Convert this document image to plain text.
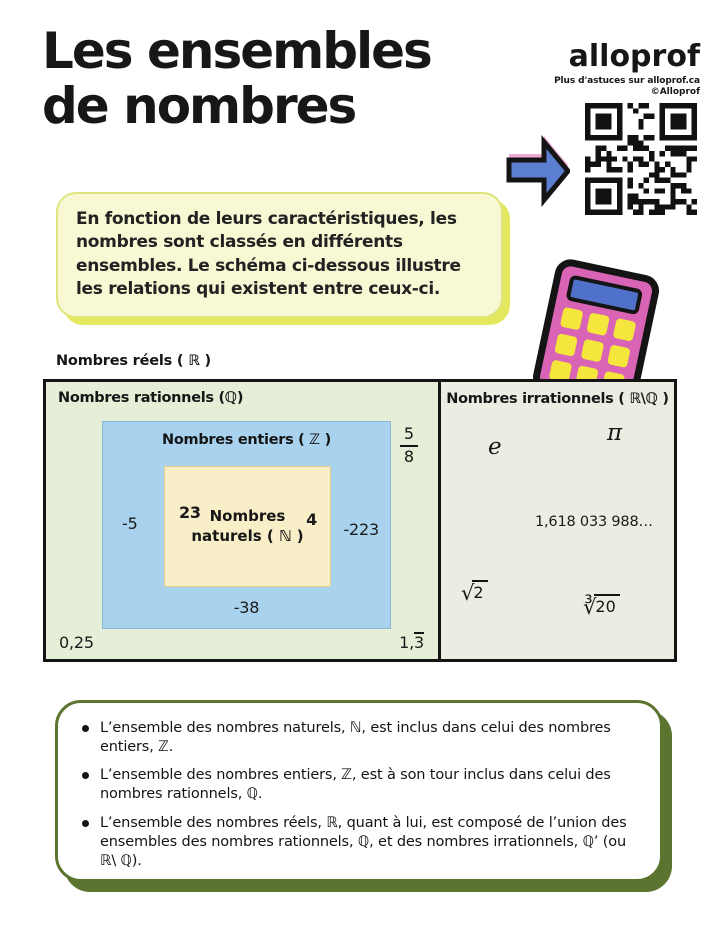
Les ensembles
de nombres
alloprof
Plus d'astuces sur alloprof.ca
©Alloprof
En fonction de leurs caractéristiques, les nombres sont classés en différents ensembles. Le schéma ci-dessous illustre les relations qui existent entre ceux-ci.
Nombres réels ( ℝ )
Nombres rationnels (ℚ)
0,25
$\frac{5}{8}$
1,3
Nombres entiers ( ℤ )
-5	-223
-38
Nombres
naturels ( ℕ )
23	4
Nombres irrationnels ( ℝ\ℚ )
e
π
1,618 033 988…
√2
∛20
L’ensemble des nombres naturels, ℕ, est inclus dans celui des nombres entiers, ℤ.
L’ensemble des nombres entiers, ℤ, est à son tour inclus dans celui des nombres rationnels, ℚ.
L’ensemble des nombres réels, ℝ, quant à lui, est composé de l’union des ensembles des nombres rationnels, ℚ, et des nombres irrationnels, ℚ’ (ou ℝ\ ℚ).
